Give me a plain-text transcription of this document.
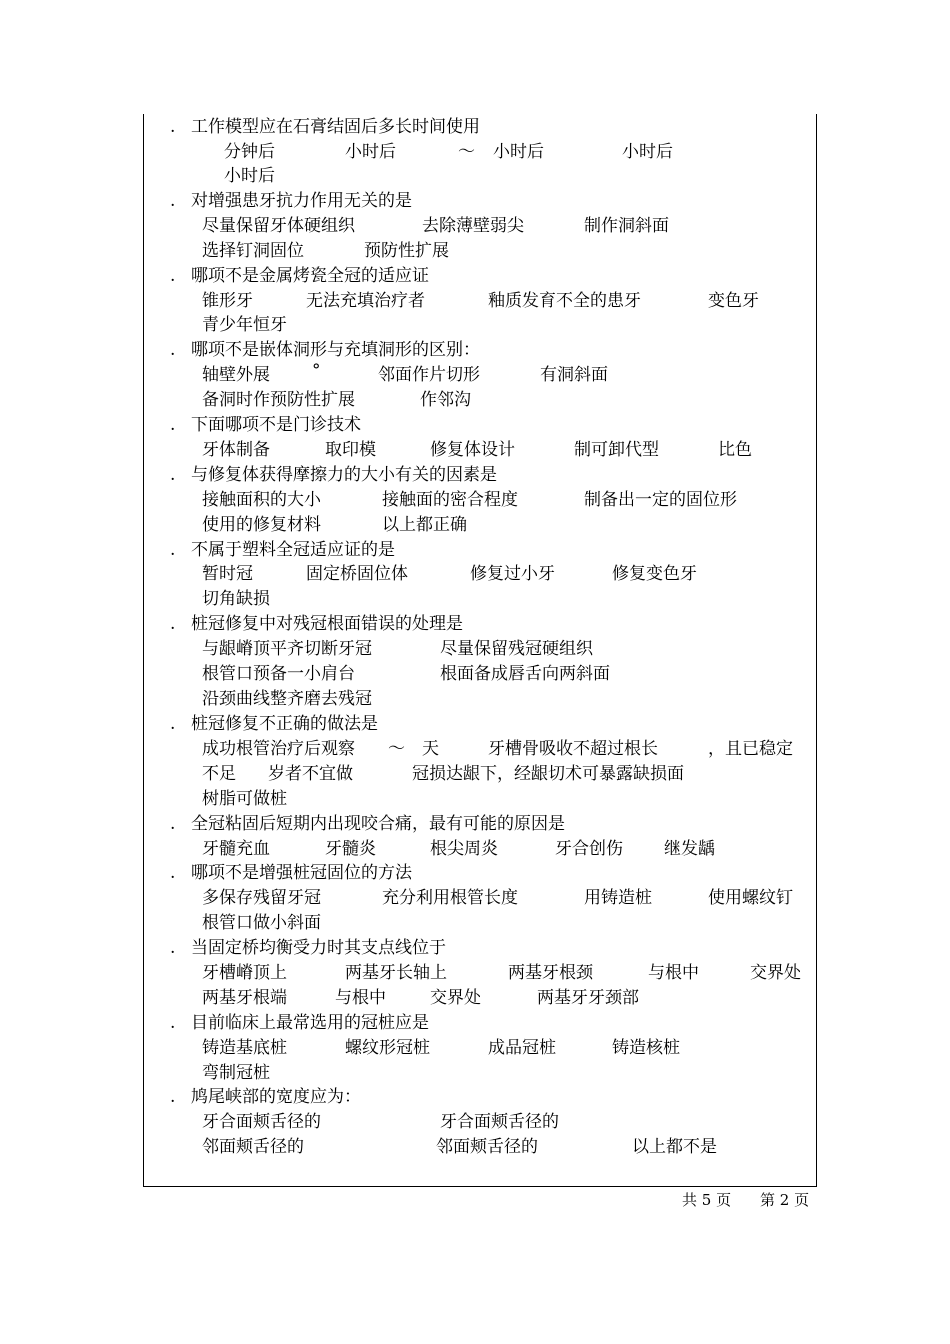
. 工作模型应在石膏结固后多长时间使用
分钟后	小时后	～ 小时后	小时后
小时后
. 对增强患牙抗力作用无关的是
尽量保留牙体硬组织	去除薄壁弱尖	制作洞斜面
选择钉洞固位	预防性扩展
. 哪项不是金属烤瓷全冠的适应证
锥形牙	无法充填治疗者	釉质发育不全的患牙	变色牙
青少年恒牙
. 哪项不是嵌体洞形与充填洞形的区别：
轴壁外展 °	邻面作片切形	有洞斜面
备洞时作预防性扩展	作邻沟
. 下面哪项不是门诊技术
牙体制备	取印模	修复体设计	制可卸代型	比色
. 与修复体获得摩擦力的大小有关的因素是
接触面积的大小	接触面的密合程度	制备出一定的固位形
使用的修复材料	以上都正确
. 不属于塑料全冠适应证的是
暂时冠	固定桥固位体	修复过小牙	修复变色牙
切角缺损
. 桩冠修复中对残冠根面错误的处理是
与龈嵴顶平齐切断牙冠	尽量保留残冠硬组织
根管口预备一小肩台	根面备成唇舌向两斜面
沿颈曲线整齐磨去残冠
. 桩冠修复不正确的做法是
成功根管治疗后观察 ～ 天	牙槽骨吸收不超过根长	，且已稳定
不足 岁者不宜做	冠损达龈下，经龈切术可暴露缺损面
树脂可做桩
. 全冠粘固后短期内出现咬合痛，最有可能的原因是
牙髓充血	牙髓炎	根尖周炎	牙合创伤 继发龋
. 哪项不是增强桩冠固位的方法
多保存残留牙冠	充分利用根管长度	用铸造桩	使用螺纹钉
根管口做小斜面
. 当固定桥均衡受力时其支点线位于
牙槽嵴顶上	两基牙长轴上	两基牙根颈	与根中	交界处
两基牙根端	与根中	交界处	两基牙牙颈部
. 目前临床上最常选用的冠桩应是
铸造基底桩	螺纹形冠桩	成品冠桩	铸造核桩
弯制冠桩
. 鸠尾峡部的宽度应为：
牙合面颊舌径的	牙合面颊舌径的
邻面颊舌径的	邻面颊舌径的	以上都不是
共 5 页 第 2 页
